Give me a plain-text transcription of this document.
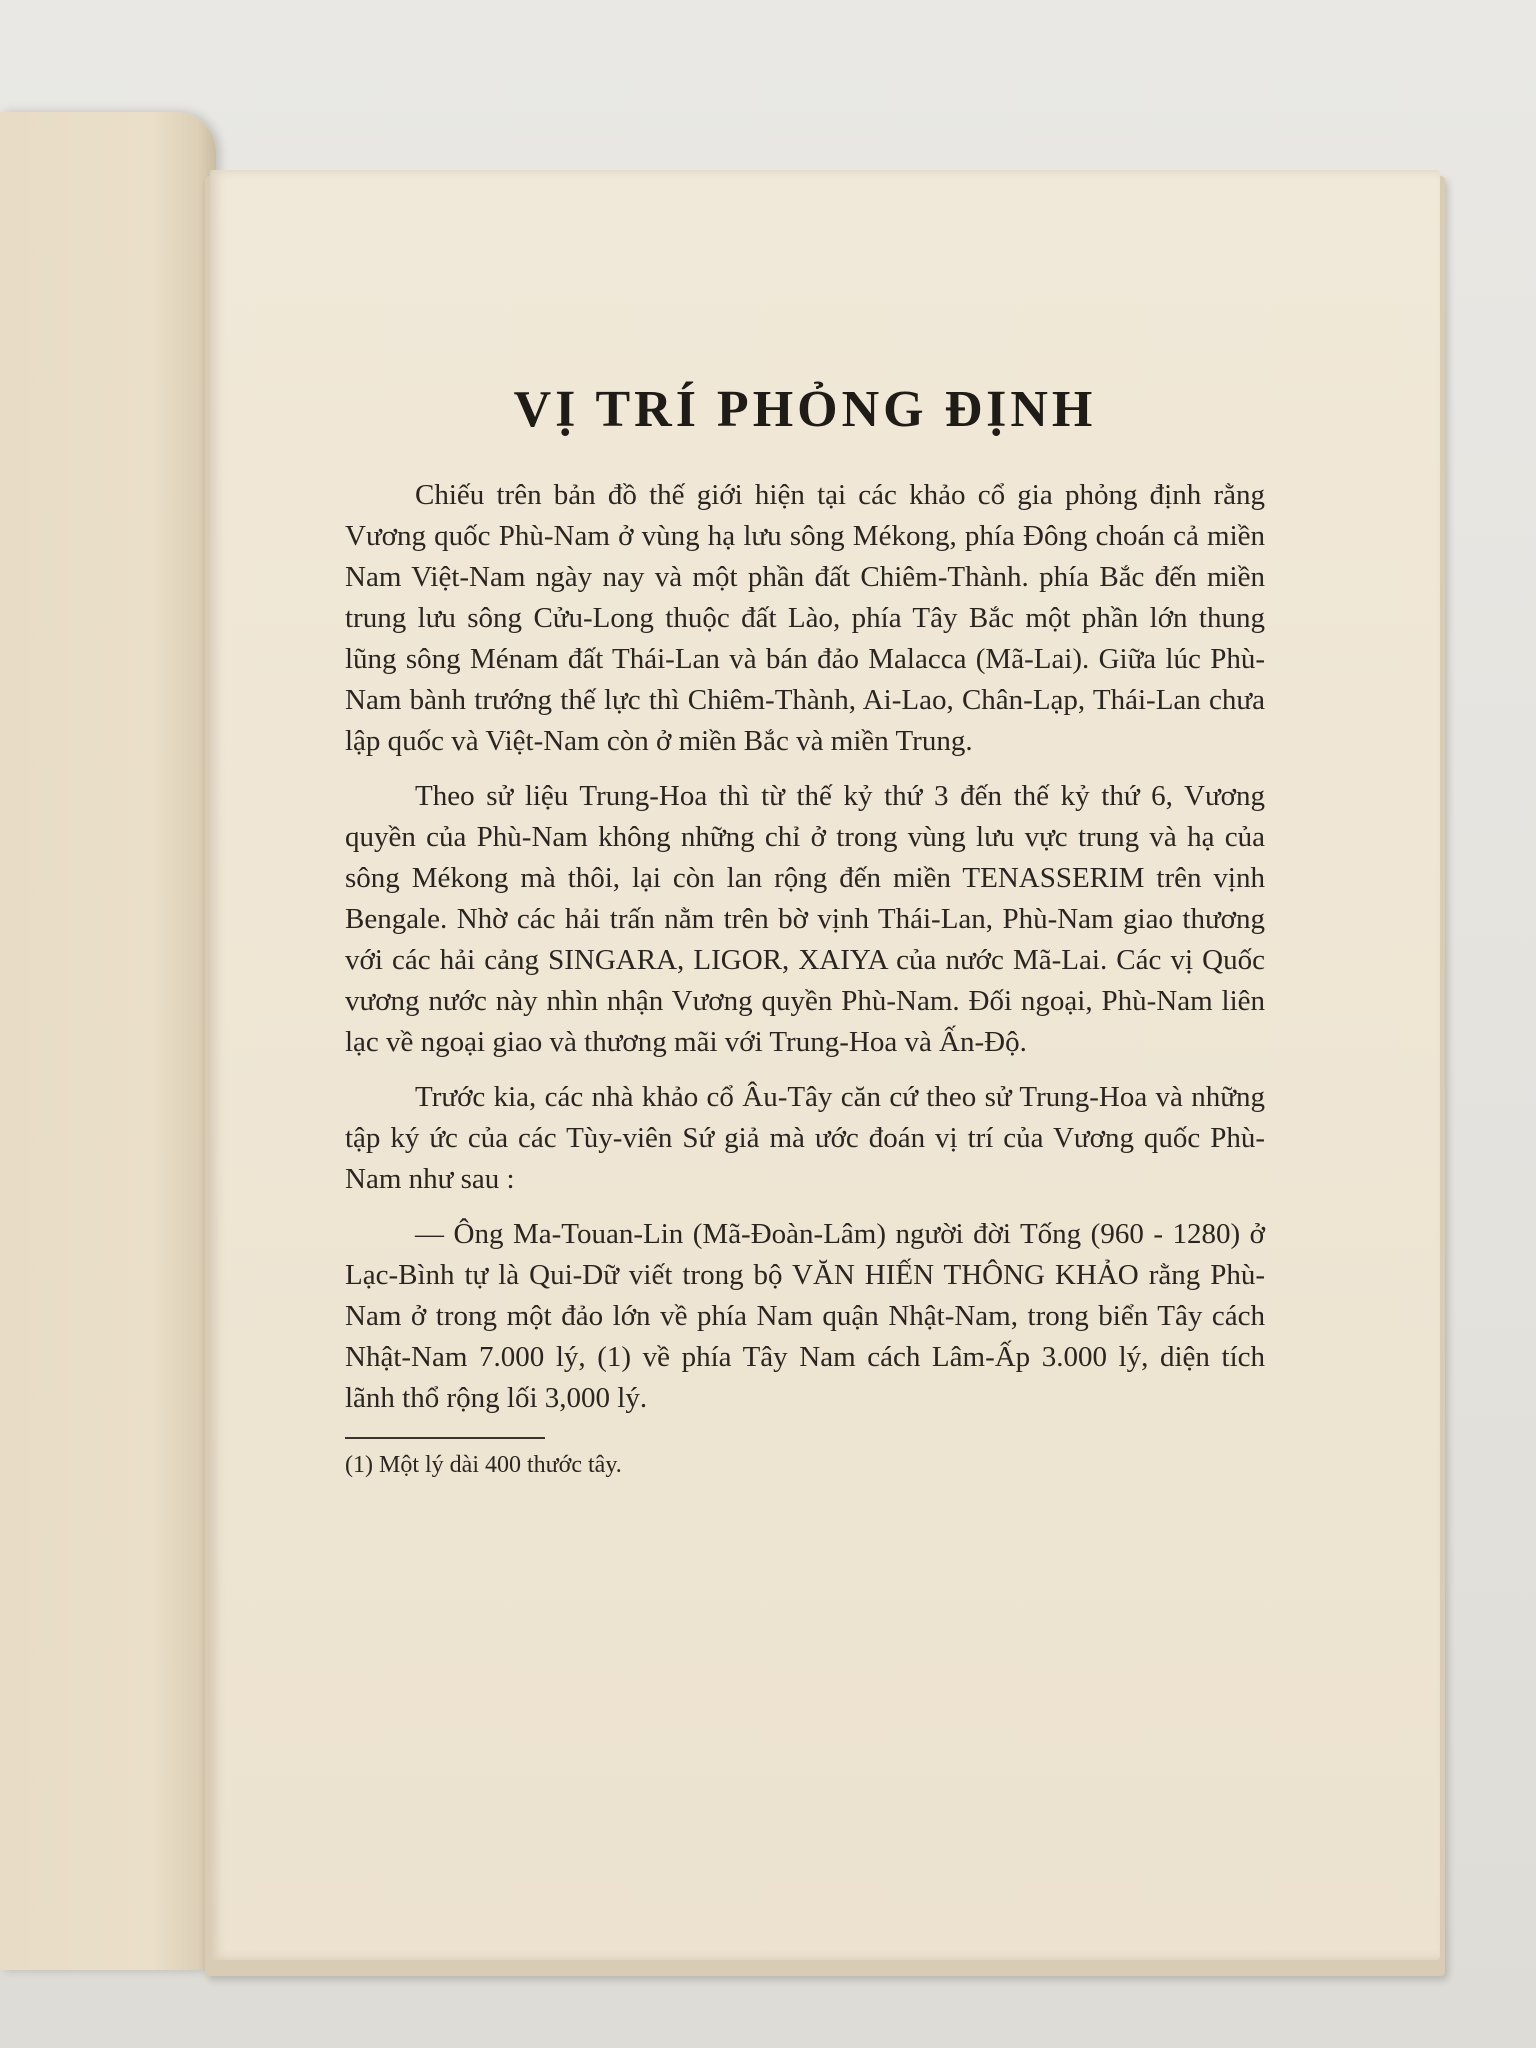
VỊ TRÍ PHỎNG ĐỊNH

Chiếu trên bản đồ thế giới hiện tại các khảo cổ gia phỏng định rằng Vương quốc Phù-Nam ở vùng hạ lưu sông Mékong, phía Đông choán cả miền Nam Việt-Nam ngày nay và một phần đất Chiêm-Thành. phía Bắc đến miền trung lưu sông Cửu-Long thuộc đất Lào, phía Tây Bắc một phần lớn thung lũng sông Ménam đất Thái-Lan và bán đảo Malacca (Mã-Lai). Giữa lúc Phù-Nam bành trướng thế lực thì Chiêm-Thành, Ai-Lao, Chân-Lạp, Thái-Lan chưa lập quốc và Việt-Nam còn ở miền Bắc và miền Trung.

Theo sử liệu Trung-Hoa thì từ thế kỷ thứ 3 đến thế kỷ thứ 6, Vương quyền của Phù-Nam không những chỉ ở trong vùng lưu vực trung và hạ của sông Mékong mà thôi, lại còn lan rộng đến miền TENASSERIM trên vịnh Bengale. Nhờ các hải trấn nằm trên bờ vịnh Thái-Lan, Phù-Nam giao thương với các hải cảng SINGARA, LIGOR, XAIYA của nước Mã-Lai. Các vị Quốc vương nước này nhìn nhận Vương quyền Phù-Nam. Đối ngoại, Phù-Nam liên lạc về ngoại giao và thương mãi với Trung-Hoa và Ấn-Độ.

Trước kia, các nhà khảo cổ Âu-Tây căn cứ theo sử Trung-Hoa và những tập ký ức của các Tùy-viên Sứ giả mà ước đoán vị trí của Vương quốc Phù-Nam như sau :

— Ông Ma-Touan-Lin (Mã-Đoàn-Lâm) người đời Tống (960 - 1280) ở Lạc-Bình tự là Qui-Dữ viết trong bộ VĂN HIẾN THÔNG KHẢO rằng Phù-Nam ở trong một đảo lớn về phía Nam quận Nhật-Nam, trong biển Tây cách Nhật-Nam 7.000 lý, (1) về phía Tây Nam cách Lâm-Ấp 3.000 lý, diện tích lãnh thổ rộng lối 3,000 lý.

(1) Một lý dài 400 thước tây.
